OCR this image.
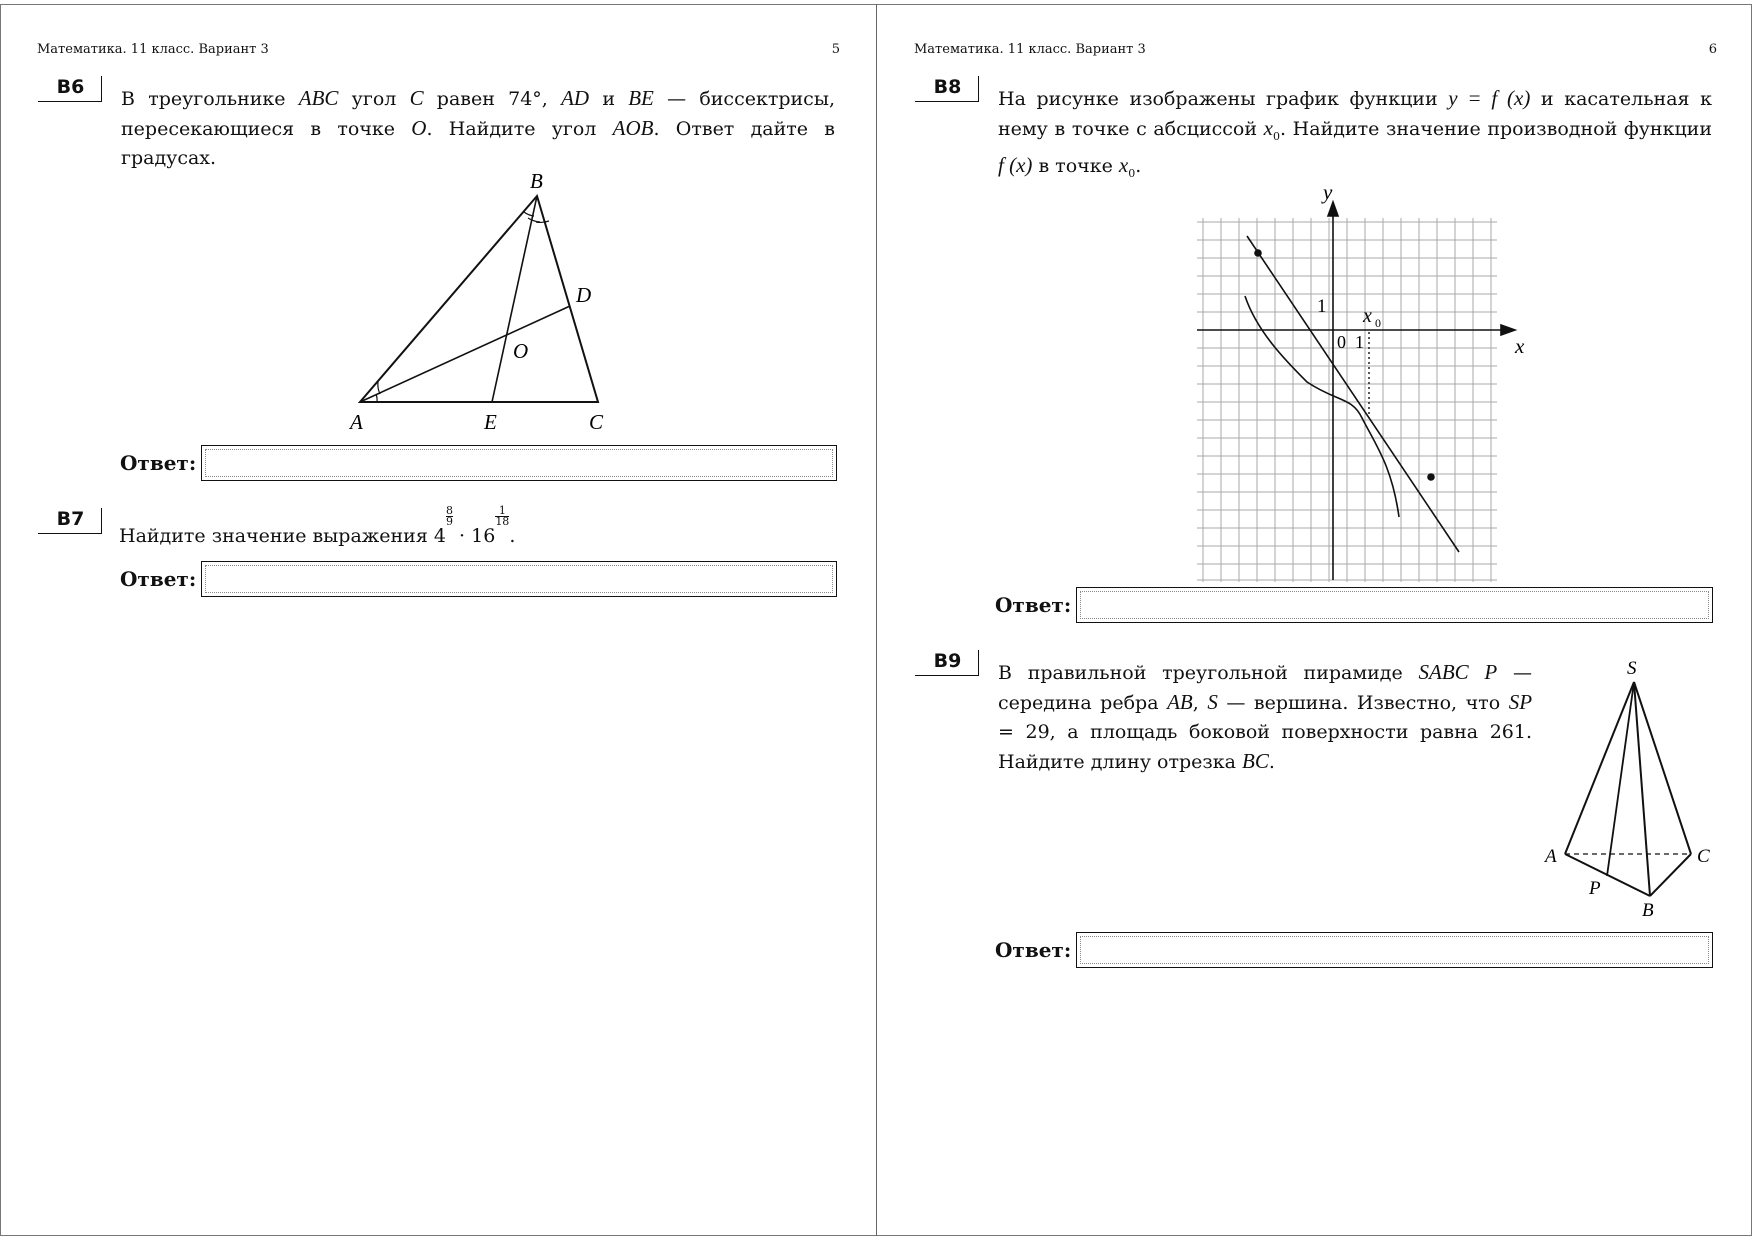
Математика. 11 класс. Вариант 3	5
B6
В треугольнике ABC угол C равен 74°, AD и BE — биссектрисы, пересекающиеся в точке O. Найдите угол AOB. Ответ дайте в градусах.
B
D
O
A	E	C
Ответ:
B7
Найдите значение выражения 4
$\frac{8}{9}$
· 16
$\frac{1}{18}$
.
Ответ:
Математика. 11 класс. Вариант 3	6
B8
На рисунке изображены график функции y = f (x) и касательная к нему в точке с абсциссой $x_0$. Найдите значение производной функции f (x) в точке $x_0$.
y
x
1
0 1
x 0
Ответ:
B9
В правильной треугольной пирамиде SABC P — середина ребра AB, S — вершина. Известно, что SP = 29, а площадь боковой поверхности равна 261. Найдите длину отрезка BC.
S
A	C
B
P
Ответ:
